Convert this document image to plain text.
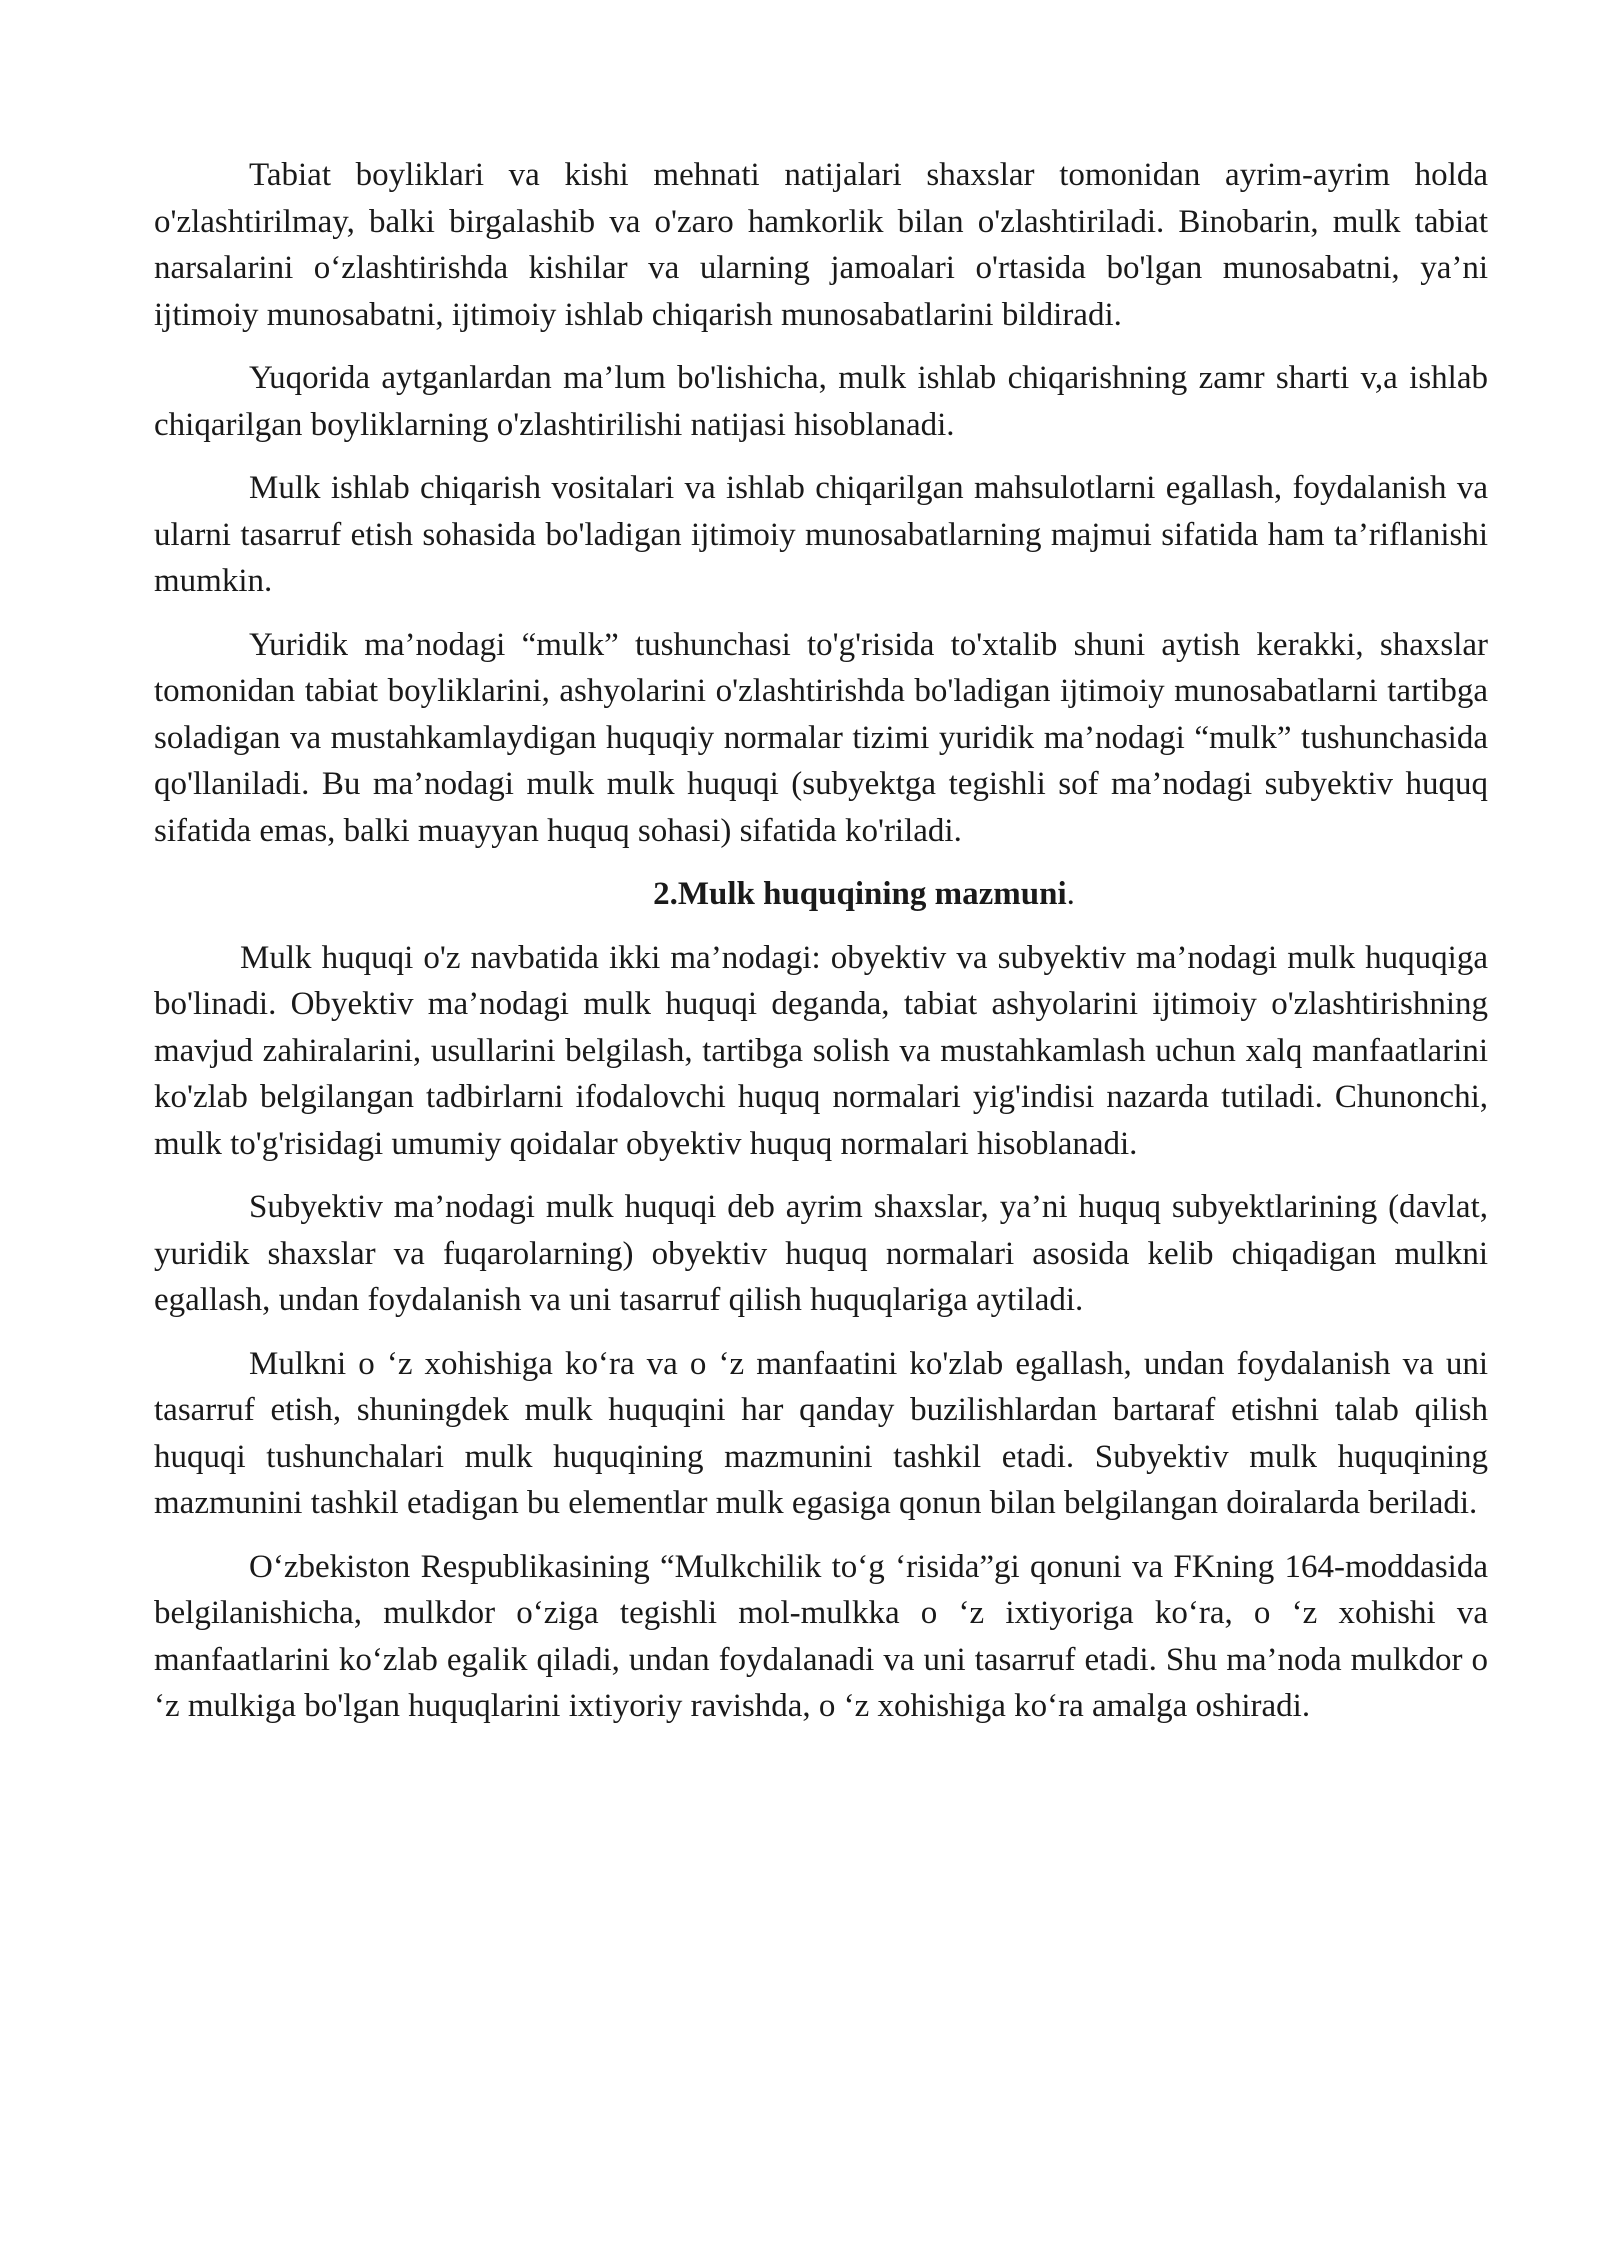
Tabiat boyliklari va kishi mehnati natijalari shaxslar tomonidan ayrim-ayrim holda o'zlashtirilmay, balki birgalashib va o'zaro hamkorlik bilan o'zlashtiriladi. Binobarin, mulk tabiat narsalarini o‘zlashtirishda kishilar va ularning jamoalari o'rtasida bo'lgan munosabatni, ya’ni ijtimoiy munosabatni, ijtimoiy ishlab chiqarish munosabatlarini bildiradi.

Yuqorida aytganlardan ma’lum bo'lishicha, mulk ishlab chiqarishning zamr sharti v,a ishlab chiqarilgan boyliklarning o'zlashtirilishi natijasi hisoblanadi.

Mulk ishlab chiqarish vositalari va ishlab chiqarilgan mahsulotlarni egallash, foydalanish va ularni tasarruf etish sohasida bo'ladigan ijtimoiy munosabatlarning majmui sifatida ham ta’riflanishi mumkin.

Yuridik ma’nodagi “mulk” tushunchasi to'g'risida to'xtalib shuni aytish kerakki, shaxslar tomonidan tabiat boyliklarini, ashyolarini o'zlashtirishda bo'ladigan ijtimoiy munosabatlarni tartibga soladigan va mustahkamlaydigan huquqiy normalar tizimi yuridik ma’nodagi “mulk” tushunchasida qo'llaniladi. Bu ma’nodagi mulk mulk huquqi (subyektga tegishli sof ma’nodagi subyektiv huquq sifatida emas, balki muayyan huquq sohasi) sifatida ko'riladi.

2.Mulk huquqining mazmuni.

Mulk huquqi o'z navbatida ikki ma’nodagi: obyektiv va subyektiv ma’nodagi mulk huquqiga bo'linadi. Obyektiv ma’nodagi mulk huquqi deganda, tabiat ashyolarini ijtimoiy o'zlashtirishning mavjud zahiralarini, usullarini belgilash, tartibga solish va mustahkamlash uchun xalq manfaatlarini ko'zlab belgilangan tadbirlarni ifodalovchi huquq normalari yig'indisi nazarda tutiladi. Chunonchi, mulk to'g'risidagi umumiy qoidalar obyektiv huquq normalari hisoblanadi.

Subyektiv ma’nodagi mulk huquqi deb ayrim shaxslar, ya’ni huquq subyektlarining (davlat, yuridik shaxslar va fuqarolarning) obyektiv huquq normalari asosida kelib chiqadigan mulkni egallash, undan foydalanish va uni tasarruf qilish huquqlariga aytiladi.

Mulkni o ‘z xohishiga ko‘ra va o ‘z manfaatini ko'zlab egallash, undan foydalanish va uni tasarruf etish, shuningdek mulk huquqini har qanday buzilishlardan bartaraf etishni talab qilish huquqi tushunchalari mulk huquqining mazmunini tashkil etadi. Subyektiv mulk huquqining mazmunini tashkil etadigan bu elementlar mulk egasiga qonun bilan belgilangan doiralarda beriladi.

O‘zbekiston Respublikasining “Mulkchilik to‘g ‘risida”gi qonuni va FKning 164-moddasida belgilanishicha, mulkdor o‘ziga tegishli mol-mulkka o ‘z ixtiyoriga ko‘ra, o ‘z xohishi va manfaatlarini ko‘zlab egalik qiladi, undan foydalanadi va uni tasarruf etadi. Shu ma’noda mulkdor o ‘z mulkiga bo'lgan huquqlarini ixtiyoriy ravishda, o ‘z xohishiga ko‘ra amalga oshiradi.
